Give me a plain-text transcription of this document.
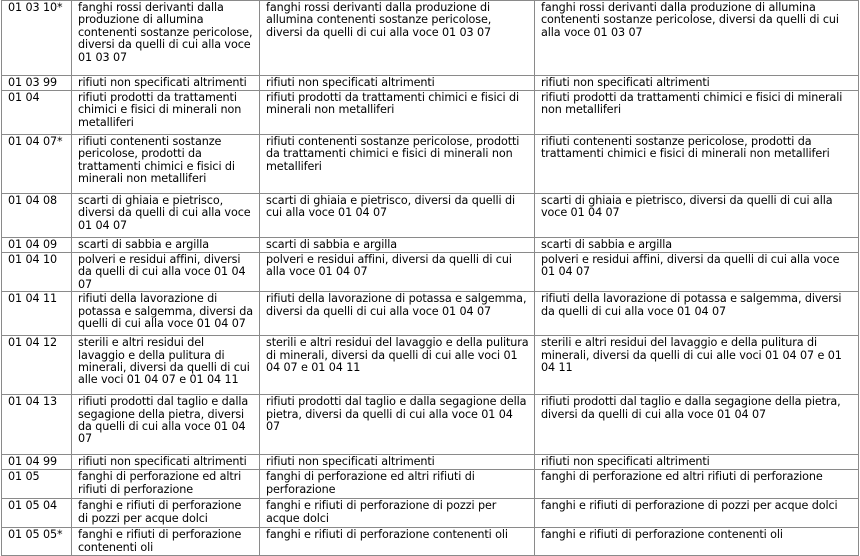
01 03 10*	fanghi rossi derivanti dalla produzione di allumina contenenti sostanze pericolose, diversi da quelli di cui alla voce 01 03 07	fanghi rossi derivanti dalla produzione di allumina contenenti sostanze pericolose, diversi da quelli di cui alla voce 01 03 07	fanghi rossi derivanti dalla produzione di allumina contenenti sostanze pericolose, diversi da quelli di cui alla voce 01 03 07
01 03 99	rifiuti non specificati altrimenti	rifiuti non specificati altrimenti	rifiuti non specificati altrimenti
01 04	rifiuti prodotti da trattamenti chimici e fisici di minerali non metalliferi	rifiuti prodotti da trattamenti chimici e fisici di minerali non metalliferi	rifiuti prodotti da trattamenti chimici e fisici di minerali non metalliferi
01 04 07*	rifiuti contenenti sostanze pericolose, prodotti da trattamenti chimici e fisici di minerali non metalliferi	rifiuti contenenti sostanze pericolose, prodotti da trattamenti chimici e fisici di minerali non metalliferi	rifiuti contenenti sostanze pericolose, prodotti da trattamenti chimici e fisici di minerali non metalliferi
01 04 08	scarti di ghiaia e pietrisco, diversi da quelli di cui alla voce 01 04 07	scarti di ghiaia e pietrisco, diversi da quelli di cui alla voce 01 04 07	scarti di ghiaia e pietrisco, diversi da quelli di cui alla voce 01 04 07
01 04 09	scarti di sabbia e argilla	scarti di sabbia e argilla	scarti di sabbia e argilla
01 04 10	polveri e residui affini, diversi da quelli di cui alla voce 01 04 07	polveri e residui affini, diversi da quelli di cui alla voce 01 04 07	polveri e residui affini, diversi da quelli di cui alla voce 01 04 07
01 04 11	rifiuti della lavorazione di potassa e salgemma, diversi da quelli di cui alla voce 01 04 07	rifiuti della lavorazione di potassa e salgemma, diversi da quelli di cui alla voce 01 04 07	rifiuti della lavorazione di potassa e salgemma, diversi da quelli di cui alla voce 01 04 07
01 04 12	sterili e altri residui del lavaggio e della pulitura di minerali, diversi da quelli di cui alle voci 01 04 07 e 01 04 11	sterili e altri residui del lavaggio e della pulitura di minerali, diversi da quelli di cui alle voci 01 04 07 e 01 04 11	sterili e altri residui del lavaggio e della pulitura di minerali, diversi da quelli di cui alle voci 01 04 07 e 01 04 11
01 04 13	rifiuti prodotti dal taglio e dalla segagione della pietra, diversi da quelli di cui alla voce 01 04 07	rifiuti prodotti dal taglio e dalla segagione della pietra, diversi da quelli di cui alla voce 01 04 07	rifiuti prodotti dal taglio e dalla segagione della pietra, diversi da quelli di cui alla voce 01 04 07
01 04 99	rifiuti non specificati altrimenti	rifiuti non specificati altrimenti	rifiuti non specificati altrimenti
01 05	fanghi di perforazione ed altri rifiuti di perforazione	fanghi di perforazione ed altri rifiuti di perforazione	fanghi di perforazione ed altri rifiuti di perforazione
01 05 04	fanghi e rifiuti di perforazione di pozzi per acque dolci	fanghi e rifiuti di perforazione di pozzi per acque dolci	fanghi e rifiuti di perforazione di pozzi per acque dolci
01 05 05*	fanghi e rifiuti di perforazione contenenti oli	fanghi e rifiuti di perforazione contenenti oli	fanghi e rifiuti di perforazione contenenti oli
